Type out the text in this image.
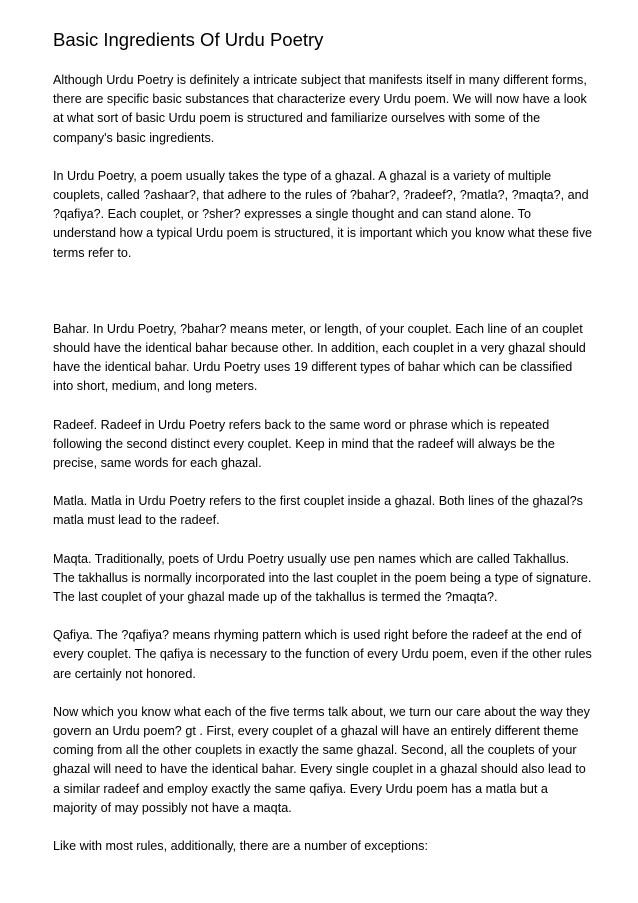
Basic Ingredients Of Urdu Poetry

Although Urdu Poetry is definitely a intricate subject that manifests itself in many different forms, there are specific basic substances that characterize every Urdu poem. We will now have a look at what sort of basic Urdu poem is structured and familiarize ourselves with some of the company's basic ingredients.

In Urdu Poetry, a poem usually takes the type of a ghazal. A ghazal is a variety of multiple couplets, called ?ashaar?, that adhere to the rules of ?bahar?, ?radeef?, ?matla?, ?maqta?, and ?qafiya?. Each couplet, or ?sher? expresses a single thought and can stand alone. To understand how a typical Urdu poem is structured, it is important which you know what these five terms refer to.

Bahar. In Urdu Poetry, ?bahar? means meter, or length, of your couplet. Each line of an couplet should have the identical bahar because other. In addition, each couplet in a very ghazal should have the identical bahar. Urdu Poetry uses 19 different types of bahar which can be classified into short, medium, and long meters.

Radeef. Radeef in Urdu Poetry refers back to the same word or phrase which is repeated following the second distinct every couplet. Keep in mind that the radeef will always be the precise, same words for each ghazal.

Matla. Matla in Urdu Poetry refers to the first couplet inside a ghazal. Both lines of the ghazal?s matla must lead to the radeef.

Maqta. Traditionally, poets of Urdu Poetry usually use pen names which are called Takhallus. The takhallus is normally incorporated into the last couplet in the poem being a type of signature. The last couplet of your ghazal made up of the takhallus is termed the ?maqta?.

Qafiya. The ?qafiya? means rhyming pattern which is used right before the radeef at the end of every couplet. The qafiya is necessary to the function of every Urdu poem, even if the other rules are certainly not honored.

Now which you know what each of the five terms talk about, we turn our care about the way they govern an Urdu poem? gt . First, every couplet of a ghazal will have an entirely different theme coming from all the other couplets in exactly the same ghazal. Second, all the couplets of your ghazal will need to have the identical bahar. Every single couplet in a ghazal should also lead to a similar radeef and employ exactly the same qafiya. Every Urdu poem has a matla but a majority of may possibly not have a maqta.

Like with most rules, additionally, there are a number of exceptions:
